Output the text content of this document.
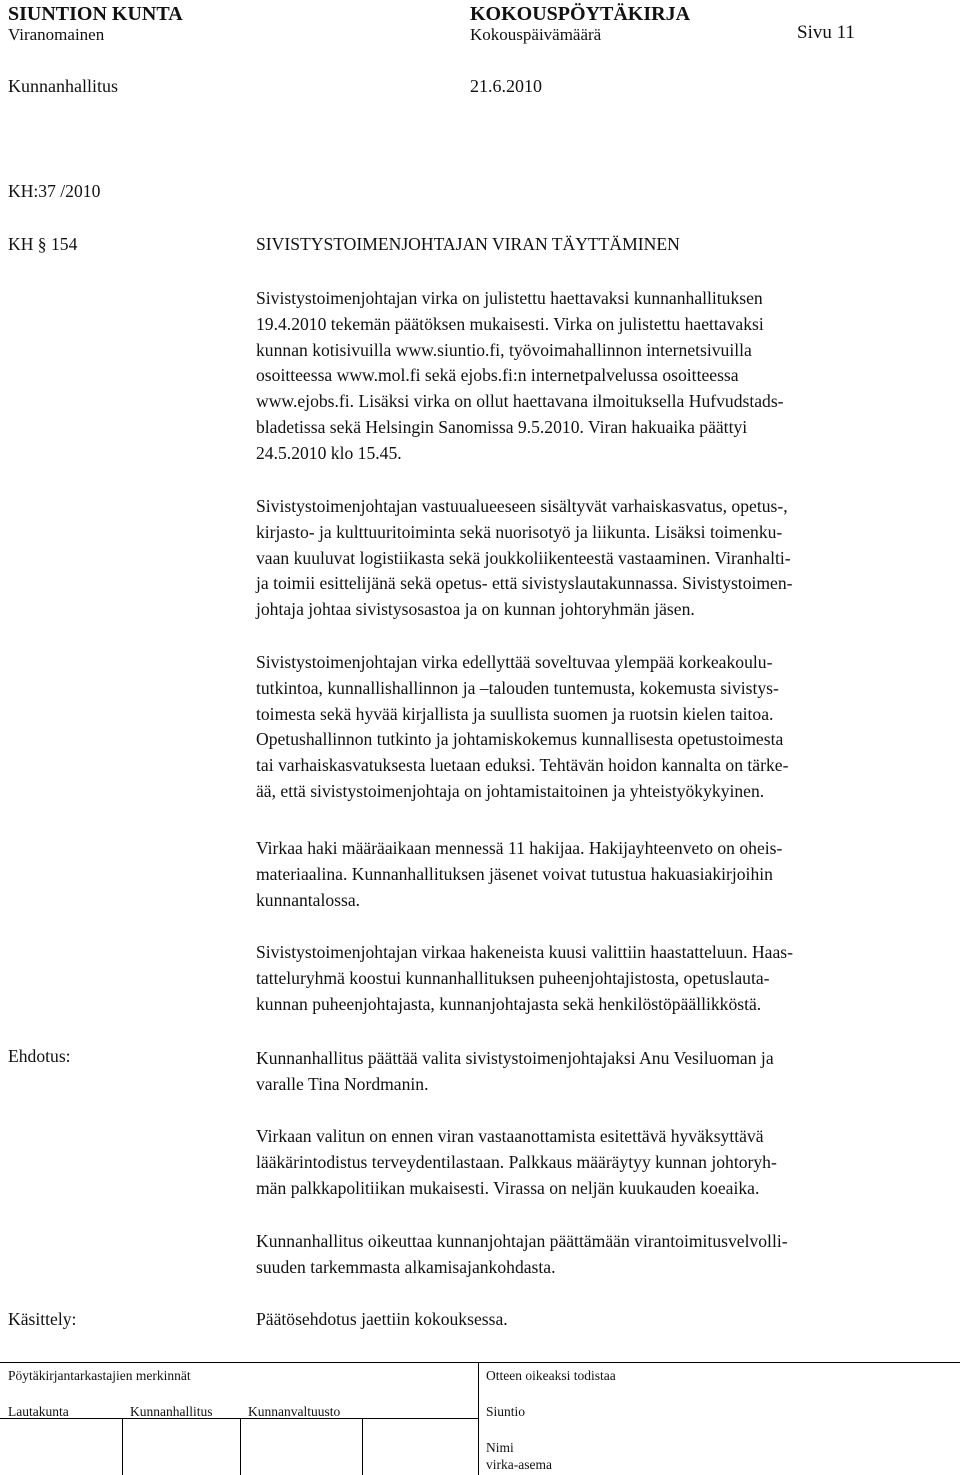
SIUNTION KUNTA	KOKOUSPÖYTÄKIRJA
Viranomainen	Kokouspäivämäärä	Sivu 11
Kunnanhallitus	21.6.2010
KH:37 /2010
KH § 154	SIVISTYSTOIMENJOHTAJAN VIRAN TÄYTTÄMINEN
Sivistystoimenjohtajan virka on julistettu haettavaksi kunnanhallituksen
19.4.2010 tekemän päätöksen mukaisesti. Virka on julistettu haettavaksi
kunnan kotisivuilla www.siuntio.fi, työvoimahallinnon internetsivuilla
osoitteessa www.mol.fi sekä ejobs.fi:n internetpalvelussa osoitteessa
www.ejobs.fi. Lisäksi virka on ollut haettavana ilmoituksella Hufvudstads-
bladetissa sekä Helsingin Sanomissa 9.5.2010. Viran hakuaika päättyi
24.5.2010 klo 15.45.
Sivistystoimenjohtajan vastuualueeseen sisältyvät varhaiskasvatus, opetus-,
kirjasto- ja kulttuuritoiminta sekä nuorisotyö ja liikunta. Lisäksi toimenku-
vaan kuuluvat logistiikasta sekä joukkoliikenteestä vastaaminen. Viranhalti-
ja toimii esittelijänä sekä opetus- että sivistyslautakunnassa. Sivistystoimen-
johtaja johtaa sivistysosastoa ja on kunnan johtoryhmän jäsen.
Sivistystoimenjohtajan virka edellyttää soveltuvaa ylempää korkeakoulu-
tutkintoa, kunnallishallinnon ja –talouden tuntemusta, kokemusta sivistys-
toimesta sekä hyvää kirjallista ja suullista suomen ja ruotsin kielen taitoa.
Opetushallinnon tutkinto ja johtamiskokemus kunnallisesta opetustoimesta
tai varhaiskasvatuksesta luetaan eduksi. Tehtävän hoidon kannalta on tärke-
ää, että sivistystoimenjohtaja on johtamistaitoinen ja yhteistyökykyinen.
Virkaa haki määräaikaan mennessä 11 hakijaa. Hakijayhteenveto on oheis-
materiaalina. Kunnanhallituksen jäsenet voivat tutustua hakuasiakirjoihin
kunnantalossa.
Sivistystoimenjohtajan virkaa hakeneista kuusi valittiin haastatteluun. Haas-
tatteluryhmä koostui kunnanhallituksen puheenjohtajistosta, opetuslauta-
kunnan puheenjohtajasta, kunnanjohtajasta sekä henkilöstöpäällikköstä.
Ehdotus:	Kunnanhallitus päättää valita sivistystoimenjohtajaksi Anu Vesiluoman ja
varalle Tina Nordmanin.
Virkaan valitun on ennen viran vastaanottamista esitettävä hyväksyttävä
lääkärintodistus terveydentilastaan. Palkkaus määräytyy kunnan johtoryh-
män palkkapolitiikan mukaisesti. Virassa on neljän kuukauden koeaika.
Kunnanhallitus oikeuttaa kunnanjohtajan päättämään virantoimitusvelvolli-
suuden tarkemmasta alkamisajankohdasta.
Käsittely:	Päätösehdotus jaettiin kokouksessa.
Pöytäkirjantarkastajien merkinnät	Otteen oikeaksi todistaa
Lautakunta	Kunnanhallitus	Kunnanvaltuusto	Siuntio
Nimi
virka-asema
